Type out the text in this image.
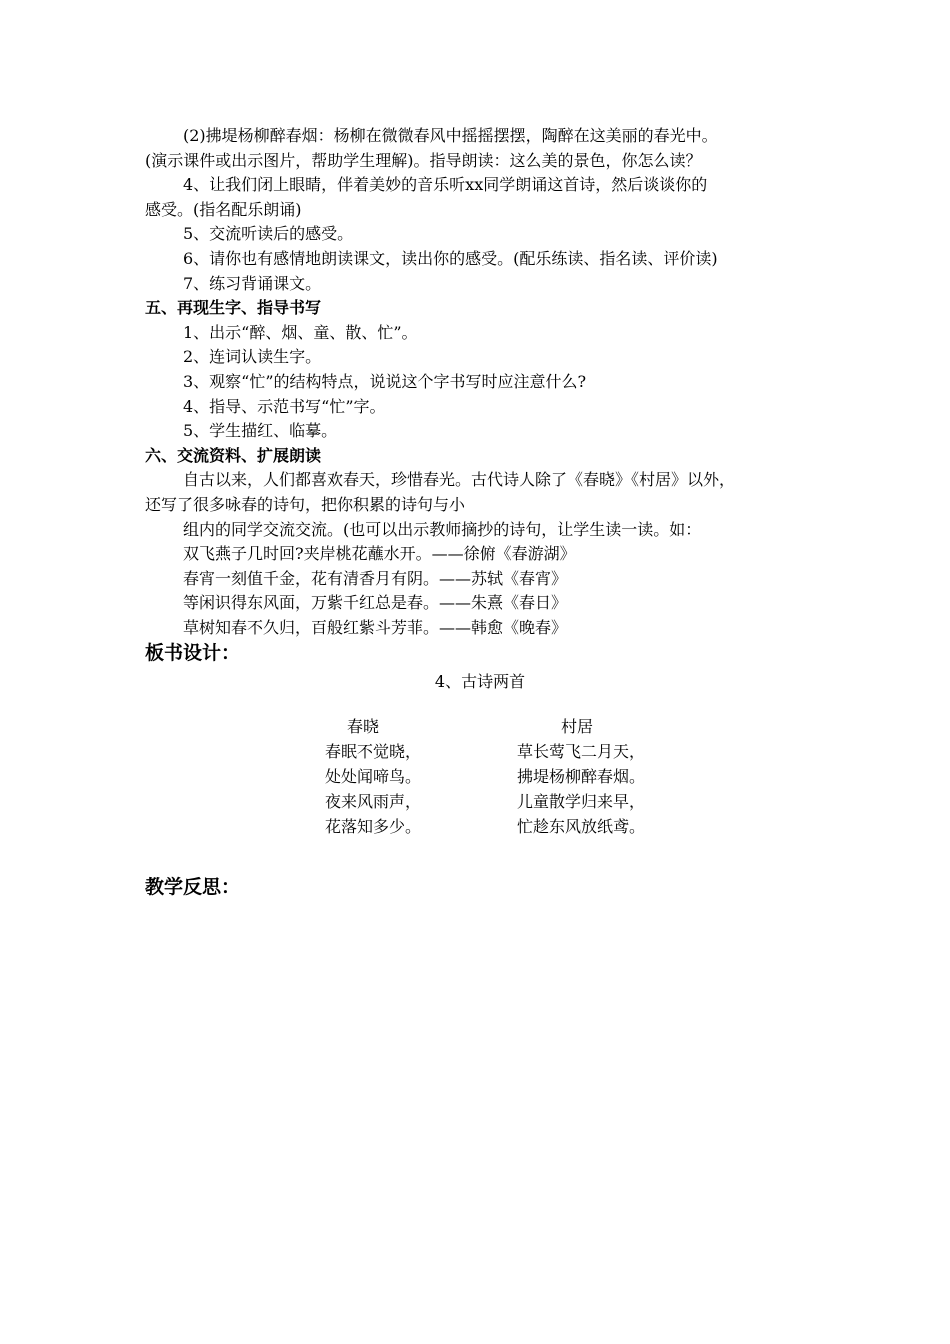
(2)拂堤杨柳醉春烟：杨柳在微微春风中摇摇摆摆，陶醉在这美丽的春光中。

(演示课件或出示图片，帮助学生理解)。指导朗读：这么美的景色，你怎么读？

4、让我们闭上眼睛，伴着美妙的音乐听xx同学朗诵这首诗，然后谈谈你的

感受。(指名配乐朗诵)

5、交流听读后的感受。

6、请你也有感情地朗读课文，读出你的感受。(配乐练读、指名读、评价读)

7、练习背诵课文。

五、再现生字、指导书写

1、出示“醉、烟、童、散、忙”。

2、连词认读生字。

3、观察“忙”的结构特点，说说这个字书写时应注意什么?

4、指导、示范书写“忙”字。

5、学生描红、临摹。

六、交流资料、扩展朗读

自古以来，人们都喜欢春天，珍惜春光。古代诗人除了《春晓》《村居》以外，

还写了很多咏春的诗句，把你积累的诗句与小

组内的同学交流交流。(也可以出示教师摘抄的诗句，让学生读一读。如：

双飞燕子几时回?夹岸桃花蘸水开。——徐俯《春游湖》

春宵一刻值千金，花有清香月有阴。——苏轼《春宵》

等闲识得东风面，万紫千红总是春。——朱熹《春日》

草树知春不久归，百般红紫斗芳菲。——韩愈《晚春》

板书设计：

4、古诗两首

春晓
春眠不觉晓，
处处闻啼鸟。
夜来风雨声，
花落知多少。
村居
草长莺飞二月天，
拂堤杨柳醉春烟。
儿童散学归来早，
忙趁东风放纸鸢。

教学反思：
